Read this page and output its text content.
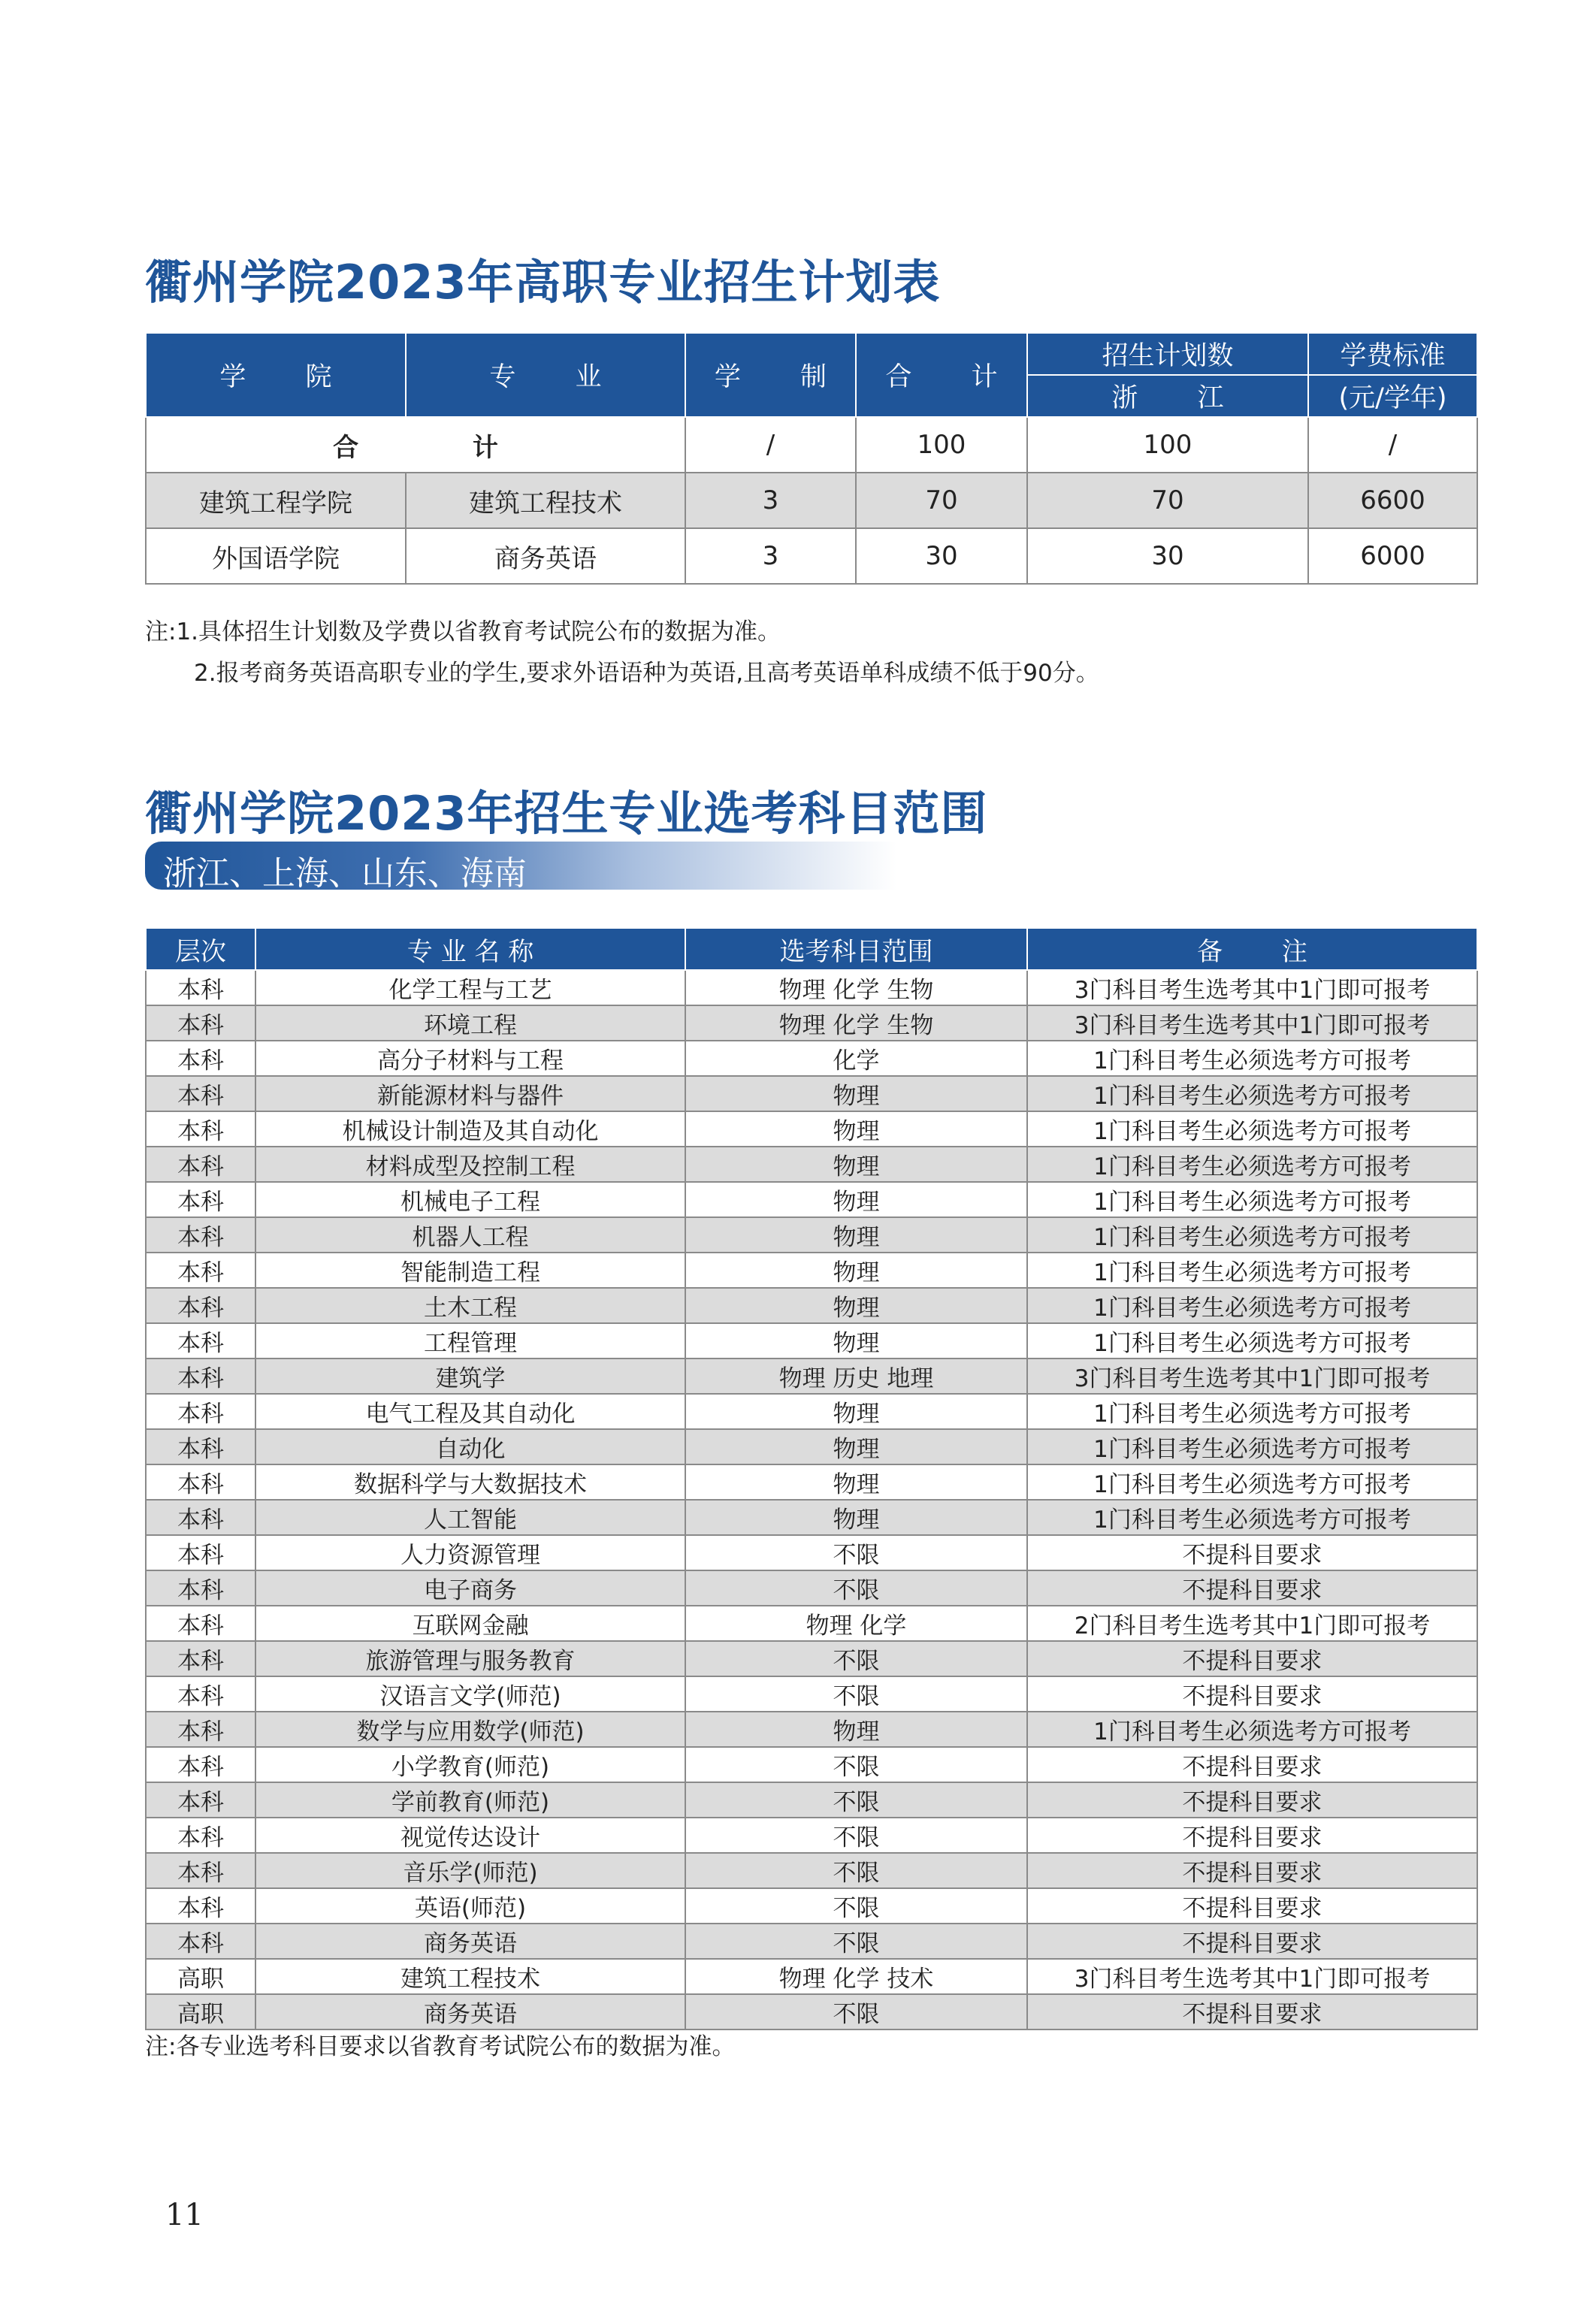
衢州学院2023年高职专业招生计划表
学 院	专 业	学 制	合 计	招生计划数	学费标准
				浙 江	(元/学年)
合 计		/	100	100	/
建筑工程学院	建筑工程技术	3	70	70	6600
外国语学院	商务英语	3	30	30	6000
注:1.具体招生计划数及学费以省教育考试院公布的数据为准。
2.报考商务英语高职专业的学生,要求外语语种为英语,且高考英语单科成绩不低于90分。
衢州学院2023年招生专业选考科目范围
浙江、上海、山东、海南
层次	专 业 名 称	选考科目范围	备 注
本科	化学工程与工艺	物理 化学 生物	3门科目考生选考其中1门即可报考
本科	环境工程	物理 化学 生物	3门科目考生选考其中1门即可报考
本科	高分子材料与工程	化学	1门科目考生必须选考方可报考
本科	新能源材料与器件	物理	1门科目考生必须选考方可报考
本科	机械设计制造及其自动化	物理	1门科目考生必须选考方可报考
本科	材料成型及控制工程	物理	1门科目考生必须选考方可报考
本科	机械电子工程	物理	1门科目考生必须选考方可报考
本科	机器人工程	物理	1门科目考生必须选考方可报考
本科	智能制造工程	物理	1门科目考生必须选考方可报考
本科	土木工程	物理	1门科目考生必须选考方可报考
本科	工程管理	物理	1门科目考生必须选考方可报考
本科	建筑学	物理 历史 地理	3门科目考生选考其中1门即可报考
本科	电气工程及其自动化	物理	1门科目考生必须选考方可报考
本科	自动化	物理	1门科目考生必须选考方可报考
本科	数据科学与大数据技术	物理	1门科目考生必须选考方可报考
本科	人工智能	物理	1门科目考生必须选考方可报考
本科	人力资源管理	不限	不提科目要求
本科	电子商务	不限	不提科目要求
本科	互联网金融	物理 化学	2门科目考生选考其中1门即可报考
本科	旅游管理与服务教育	不限	不提科目要求
本科	汉语言文学(师范)	不限	不提科目要求
本科	数学与应用数学(师范)	物理	1门科目考生必须选考方可报考
本科	小学教育(师范)	不限	不提科目要求
本科	学前教育(师范)	不限	不提科目要求
本科	视觉传达设计	不限	不提科目要求
本科	音乐学(师范)	不限	不提科目要求
本科	英语(师范)	不限	不提科目要求
本科	商务英语	不限	不提科目要求
高职	建筑工程技术	物理 化学 技术	3门科目考生选考其中1门即可报考
高职	商务英语	不限	不提科目要求
注:各专业选考科目要求以省教育考试院公布的数据为准。
11
